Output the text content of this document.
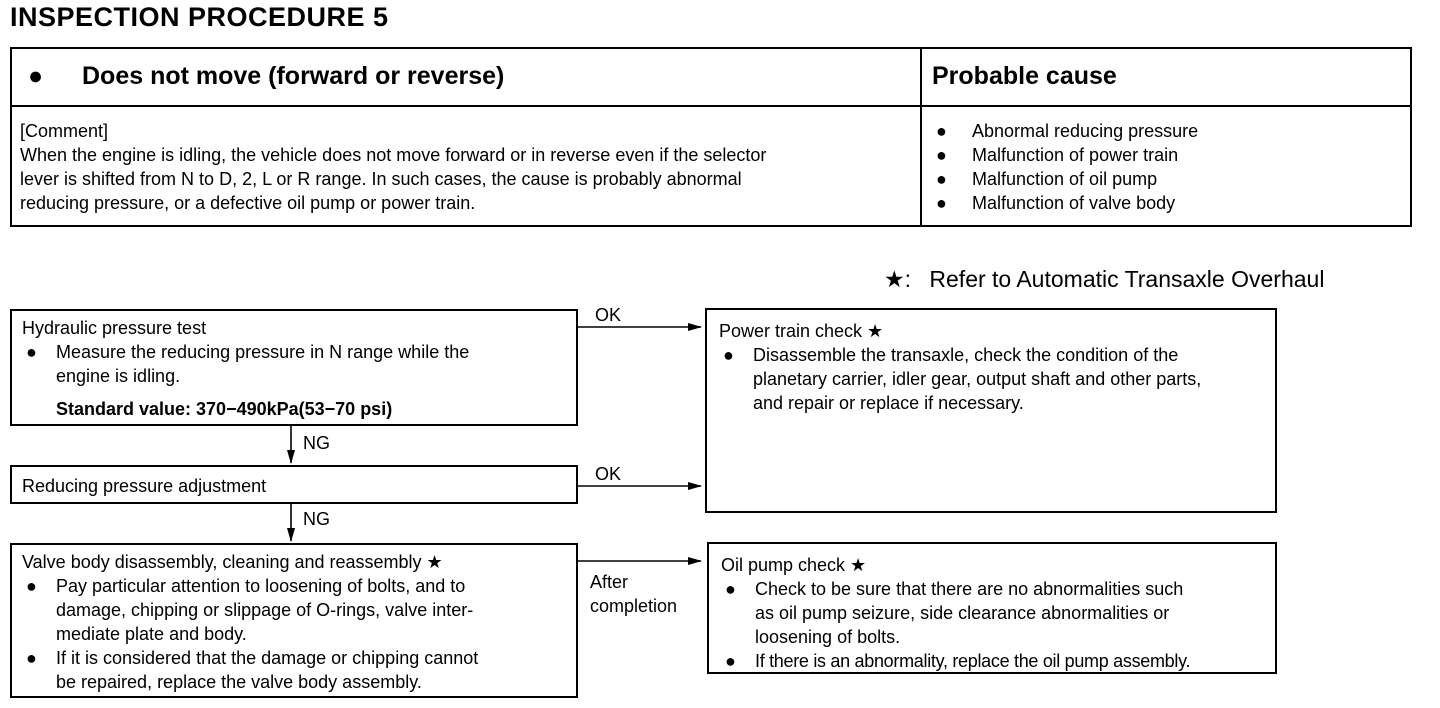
INSPECTION PROCEDURE 5
● Does not move (forward or reverse)	Probable cause
[Comment]
When the engine is idling, the vehicle does not move forward or in reverse even if the selector
lever is shifted from N to D, 2, L or R range. In such cases, the cause is probably abnormal
reducing pressure, or a defective oil pump or power train.
● Abnormal reducing pressure
● Malfunction of power train
● Malfunction of oil pump
● Malfunction of valve body
★: Refer to Automatic Transaxle Overhaul
OK
NG
OK
NG
After
completion
Hydraulic pressure test
● Measure the reducing pressure in N range while the
engine is idling.
Standard value: 370−490kPa(53−70 psi)
Reducing pressure adjustment
Valve body disassembly, cleaning and reassembly ★
● Pay particular attention to loosening of bolts, and to
damage, chipping or slippage of O-rings, valve inter-
mediate plate and body.
● If it is considered that the damage or chipping cannot
be repaired, replace the valve body assembly.
Power train check ★
● Disassemble the transaxle, check the condition of the
planetary carrier, idler gear, output shaft and other parts,
and repair or replace if necessary.
Oil pump check ★
● Check to be sure that there are no abnormalities such
as oil pump seizure, side clearance abnormalities or
loosening of bolts.
● If there is an abnormality, replace the oil pump assembly.
